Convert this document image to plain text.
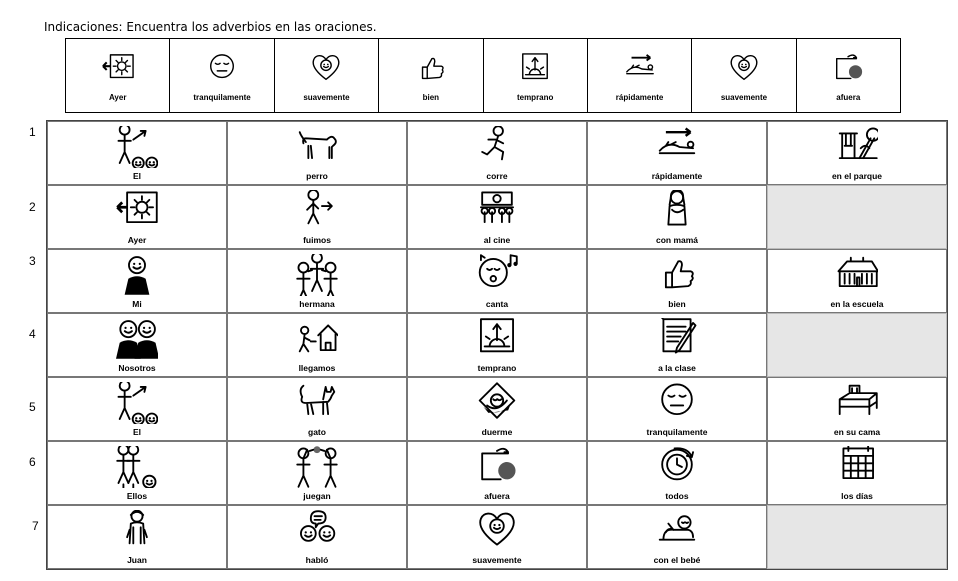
Indicaciones: Encuentra los adverbios en las oraciones.
Ayer	tranquilamente	suavemente	bien	temprano	rápidamente	suavemente	afuera
El	perro	corre	rápidamente	en el parque
Ayer	fuimos	al cine	con mamá
Mi	hermana	canta	bien	en la escuela
Nosotros	llegamos	temprano	a la clase
El	gato	duerme	tranquilamente	en su cama
Ellos	juegan	afuera	todos	los días
Juan	habló	suavemente	con el bebé
1
2
3
4
5
6
7
